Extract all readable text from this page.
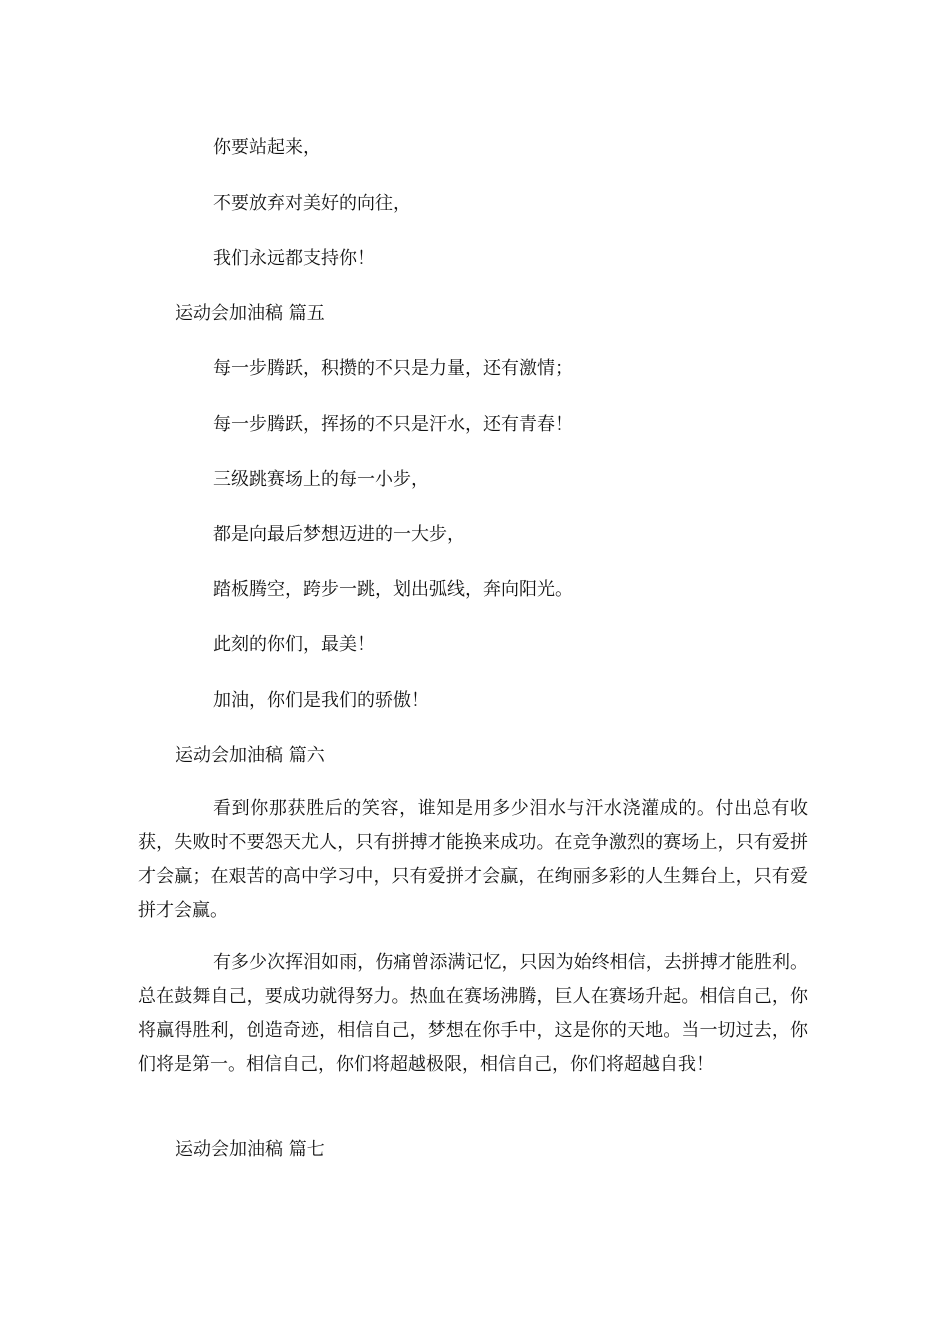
你要站起来，

不要放弃对美好的向往，

我们永远都支持你！

运动会加油稿 篇五

每一步腾跃，积攒的不只是力量，还有激情；

每一步腾跃，挥扬的不只是汗水，还有青春！

三级跳赛场上的每一小步，

都是向最后梦想迈进的一大步，

踏板腾空，跨步一跳，划出弧线，奔向阳光。

此刻的你们，最美！

加油，你们是我们的骄傲！

运动会加油稿 篇六

看到你那获胜后的笑容，谁知是用多少泪水与汗水浇灌成的。付出总有收获，失败时不要怨天尤人，只有拼搏才能换来成功。在竞争激烈的赛场上，只有爱拼才会赢；在艰苦的高中学习中，只有爱拼才会赢，在绚丽多彩的人生舞台上，只有爱拼才会赢。

有多少次挥泪如雨，伤痛曾添满记忆，只因为始终相信，去拼搏才能胜利。总在鼓舞自己，要成功就得努力。热血在赛场沸腾，巨人在赛场升起。相信自己，你将赢得胜利，创造奇迹，相信自己，梦想在你手中，这是你的天地。当一切过去，你们将是第一。相信自己，你们将超越极限，相信自己，你们将超越自我！

运动会加油稿 篇七
